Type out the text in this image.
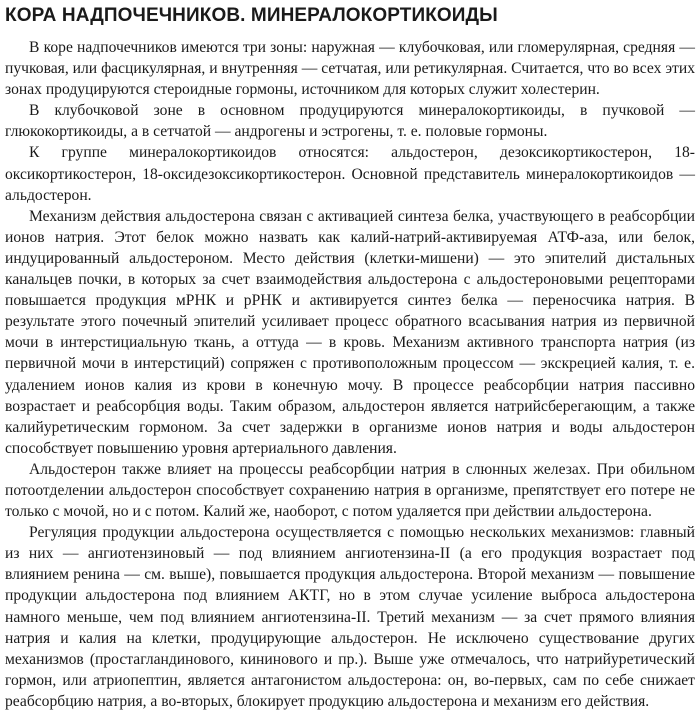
КОРА НАДПОЧЕЧНИКОВ. МИНЕРАЛОКОРТИКОИДЫ

В коре надпочечников имеются три зоны: наружная — клубочковая, или гломерулярная, средняя — пучковая, или фасцикулярная, и внутренняя — сетчатая, или ретикулярная. Считается, что во всех этих зонах продуцируются стероидные гормоны, источником для которых служит холестерин.

В клубочковой зоне в основном продуцируются минералокортикоиды, в пучковой — глюкокортикоиды, а в сетчатой — андрогены и эстрогены, т. е. половые гормоны.

К группе минералокортикоидов относятся: альдостерон, дезоксикортикостерон, 18-оксикортикостерон, 18-оксидезоксикортикостерон. Основной представитель минералокортикоидов — альдостерон.

Механизм действия альдостерона связан с активацией синтеза белка, участвующего в реабсорбции ионов натрия. Этот белок можно назвать как калий-натрий-активируемая АТФ-аза, или белок, индуцированный альдостероном. Место действия (клетки-мишени) — это эпителий дистальных канальцев почки, в которых за счет взаимодействия альдостерона с альдостероновыми рецепторами повышается продукция мРНК и рРНК и активируется синтез белка — переносчика натрия. В результате этого почечный эпителий усиливает процесс обратного всасывания натрия из первичной мочи в интерстициальную ткань, а оттуда — в кровь. Механизм активного транспорта натрия (из первичной мочи в интерстиций) сопряжен с противоположным процессом — экскрецией калия, т. е. удалением ионов калия из крови в конечную мочу. В процессе реабсорбции натрия пассивно возрастает и реабсорбция воды. Таким образом, альдостерон является натрийсберегающим, а также калийуретическим гормоном. За счет задержки в организме ионов натрия и воды альдостерон способствует повышению уровня артериального давления.

Альдостерон также влияет на процессы реабсорбции натрия в слюнных железах. При обильном потоотделении альдостерон способствует сохранению натрия в организме, препятствует его потере не только с мочой, но и с потом. Калий же, наоборот, с потом удаляется при действии альдостерона.

Регуляция продукции альдостерона осуществляется с помощью нескольких механизмов: главный из них — ангиотензиновый — под влиянием ангиотензина-II (а его продукция возрастает под влиянием ренина — см. выше), повышается продукция альдостерона. Второй механизм — повышение продукции альдостерона под влиянием АКТГ, но в этом случае усиление выброса альдостерона намного меньше, чем под влиянием ангиотензина-II. Третий механизм — за счет прямого влияния натрия и калия на клетки, продуцирующие альдостерон. Не исключено существование других механизмов (простагландинового, кининового и пр.). Выше уже отмечалось, что натрийуретический гормон, или атриопептин, является антагонистом альдостерона: он, во-первых, сам по себе снижает реабсорбцию натрия, а во-вторых, блокирует продукцию альдостерона и механизм его действия.
